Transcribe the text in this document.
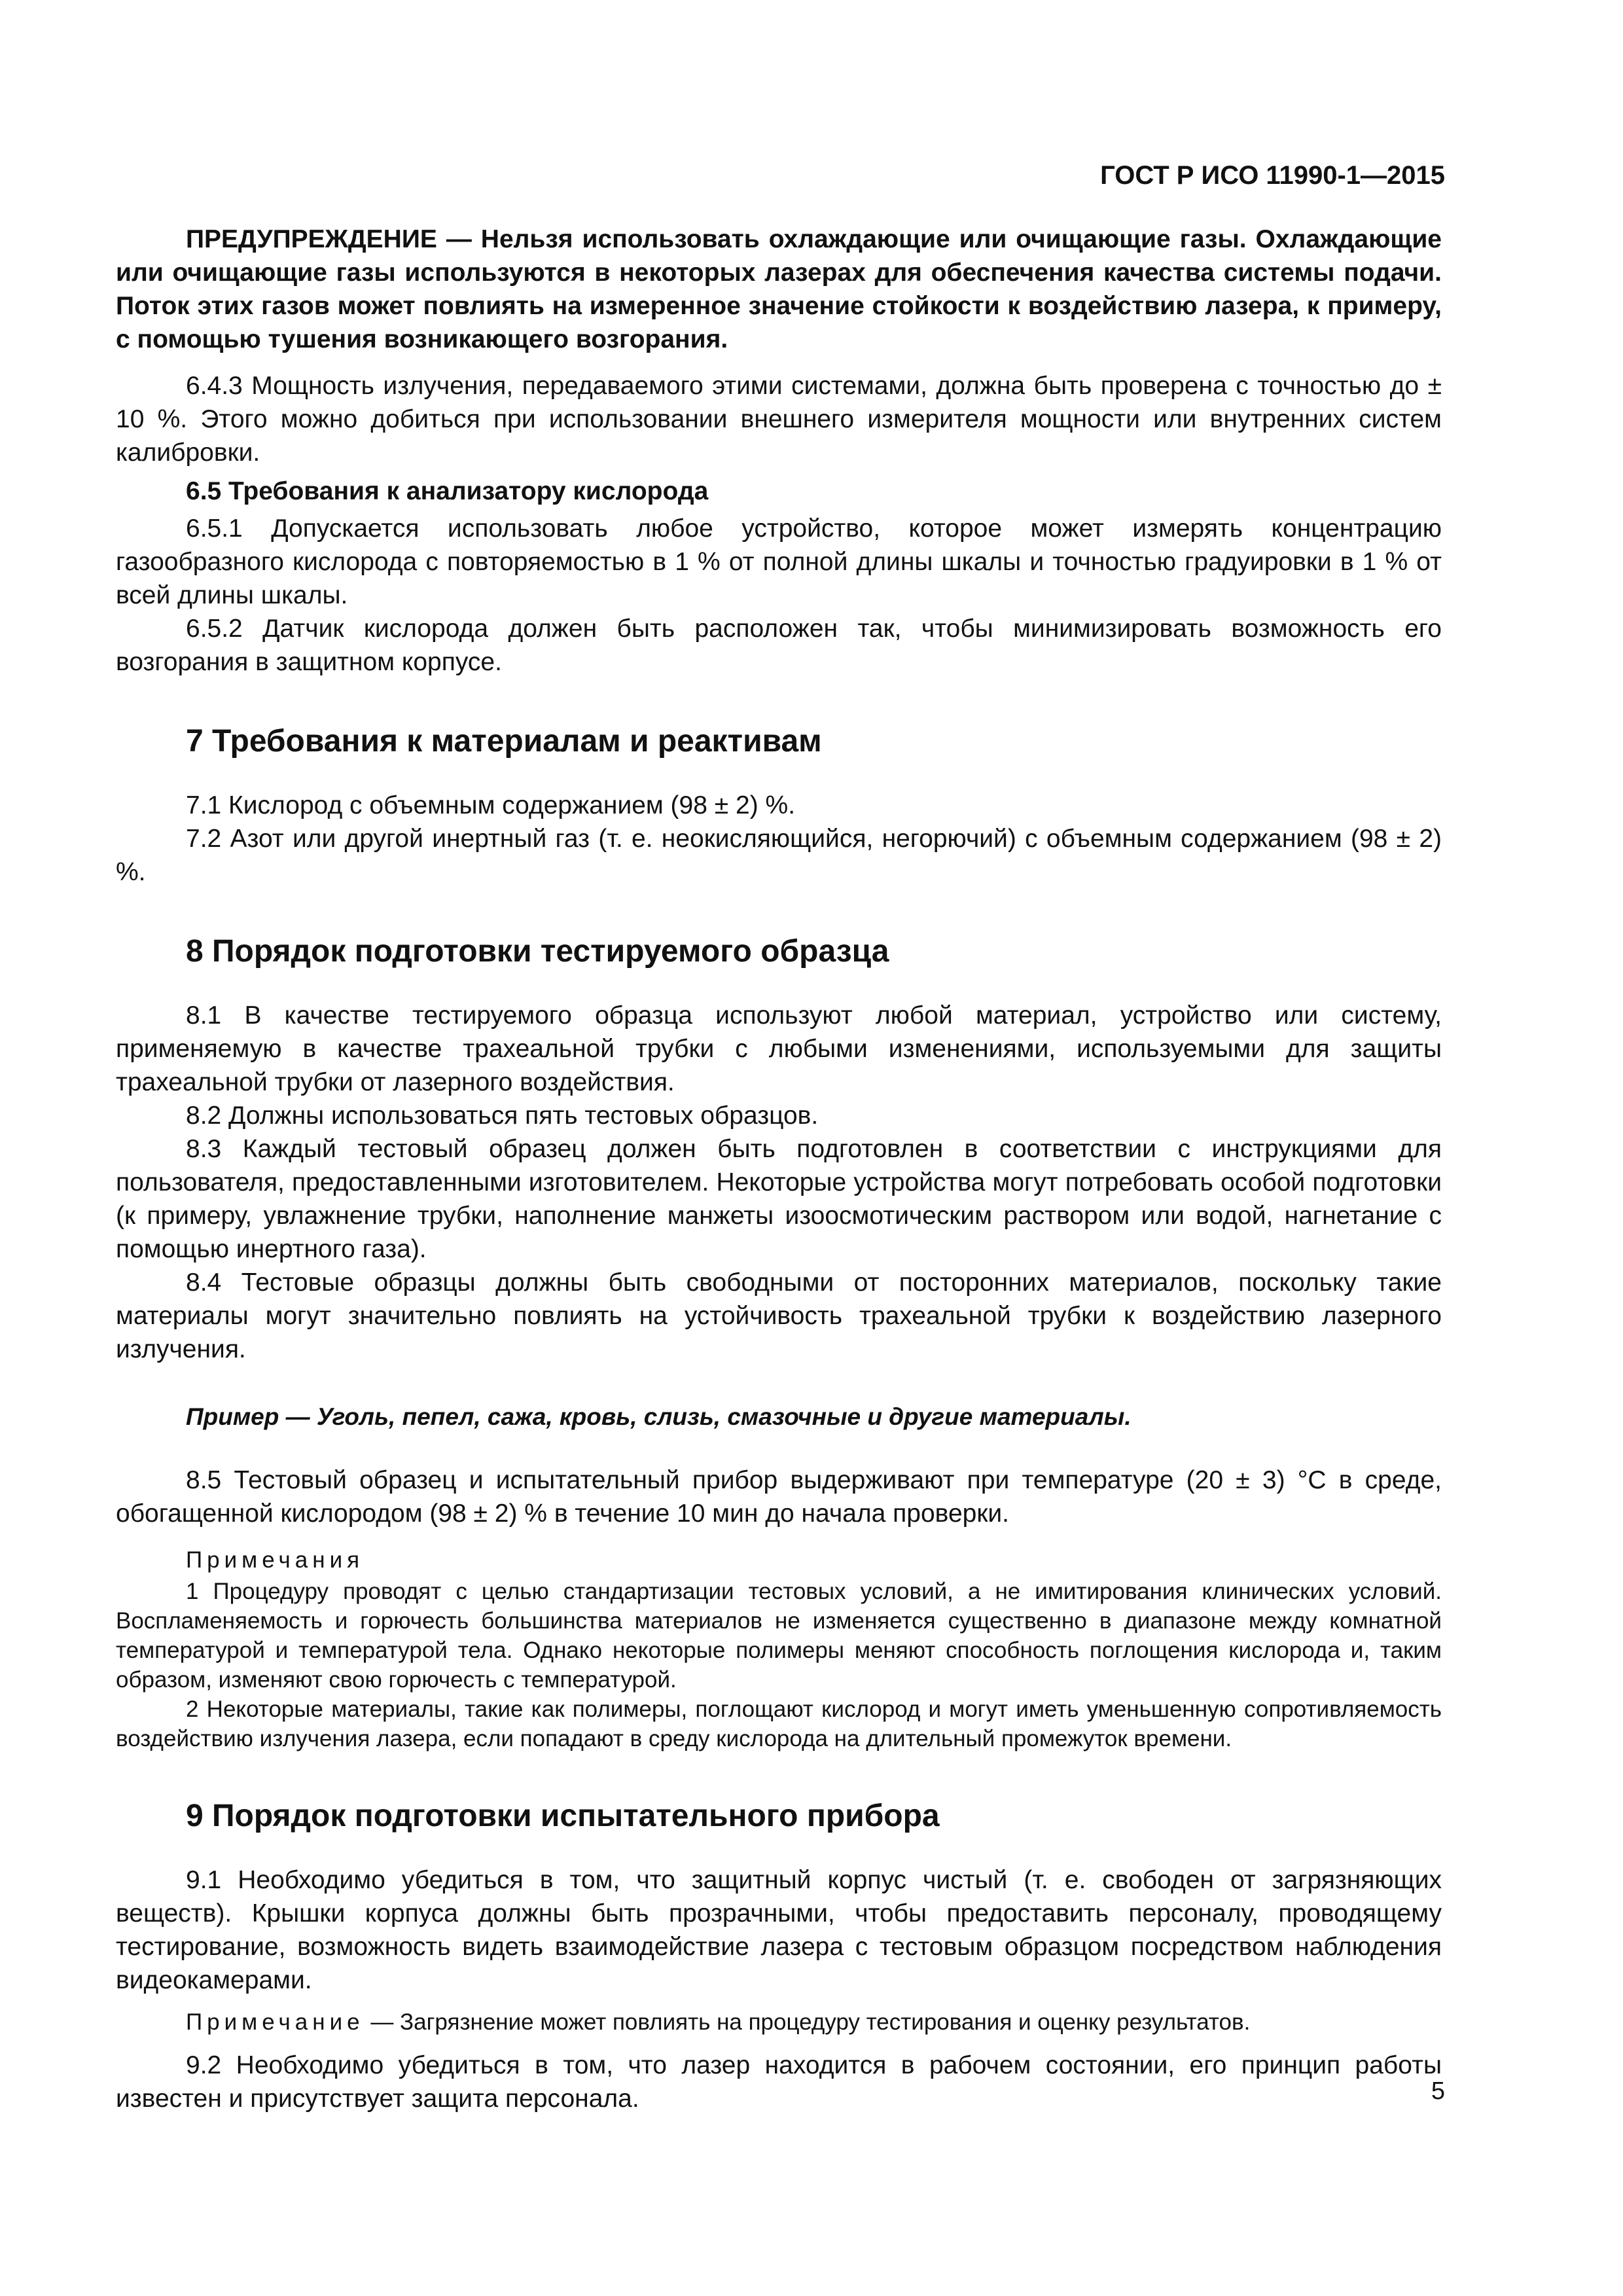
ГОСТ Р ИСО 11990-1—2015

ПРЕДУПРЕЖДЕНИЕ — Нельзя использовать охлаждающие или очищающие газы. Охлаждающие или очищающие газы используются в некоторых лазерах для обеспечения качества системы подачи. Поток этих газов может повлиять на измеренное значение стойкости к воздействию лазера, к примеру, с помощью тушения возникающего возгорания.

6.4.3 Мощность излучения, передаваемого этими системами, должна быть проверена с точностью до ± 10 %. Этого можно добиться при использовании внешнего измерителя мощности или внутренних систем калибровки.

6.5 Требования к анализатору кислорода

6.5.1 Допускается использовать любое устройство, которое может измерять концентрацию газообразного кислорода с повторяемостью в 1 % от полной длины шкалы и точностью градуировки в 1 % от всей длины шкалы.

6.5.2 Датчик кислорода должен быть расположен так, чтобы минимизировать возможность его возгорания в защитном корпусе.

7 Требования к материалам и реактивам

7.1 Кислород с объемным содержанием (98 ± 2) %.

7.2 Азот или другой инертный газ (т. е. неокисляющийся, негорючий) с объемным содержанием (98 ± 2) %.

8 Порядок подготовки тестируемого образца

8.1 В качестве тестируемого образца используют любой материал, устройство или систему, применяемую в качестве трахеальной трубки с любыми изменениями, используемыми для защиты трахеальной трубки от лазерного воздействия.

8.2 Должны использоваться пять тестовых образцов.

8.3 Каждый тестовый образец должен быть подготовлен в соответствии с инструкциями для пользователя, предоставленными изготовителем. Некоторые устройства могут потребовать особой подготовки (к примеру, увлажнение трубки, наполнение манжеты изоосмотическим раствором или водой, нагнетание с помощью инертного газа).

8.4 Тестовые образцы должны быть свободными от посторонних материалов, поскольку такие материалы могут значительно повлиять на устойчивость трахеальной трубки к воздействию лазерного излучения.

Пример — Уголь, пепел, сажа, кровь, слизь, смазочные и другие материалы.

8.5 Тестовый образец и испытательный прибор выдерживают при температуре (20 ± 3) °С в среде, обогащенной кислородом (98 ± 2) % в течение 10 мин до начала проверки.

Примечания

1 Процедуру проводят с целью стандартизации тестовых условий, а не имитирования клинических условий. Воспламеняемость и горючесть большинства материалов не изменяется существенно в диапазоне между комнатной температурой и температурой тела. Однако некоторые полимеры меняют способность поглощения кислорода и, таким образом, изменяют свою горючесть с температурой.

2 Некоторые материалы, такие как полимеры, поглощают кислород и могут иметь уменьшенную сопротивляемость воздействию излучения лазера, если попадают в среду кислорода на длительный промежуток времени.

9 Порядок подготовки испытательного прибора

9.1 Необходимо убедиться в том, что защитный корпус чистый (т. е. свободен от загрязняющих веществ). Крышки корпуса должны быть прозрачными, чтобы предоставить персоналу, проводящему тестирование, возможность видеть взаимодействие лазера с тестовым образцом посредством наблюдения видеокамерами.

Примечание — Загрязнение может повлиять на процедуру тестирования и оценку результатов.

9.2 Необходимо убедиться в том, что лазер находится в рабочем состоянии, его принцип работы известен и присутствует защита персонала.	5
